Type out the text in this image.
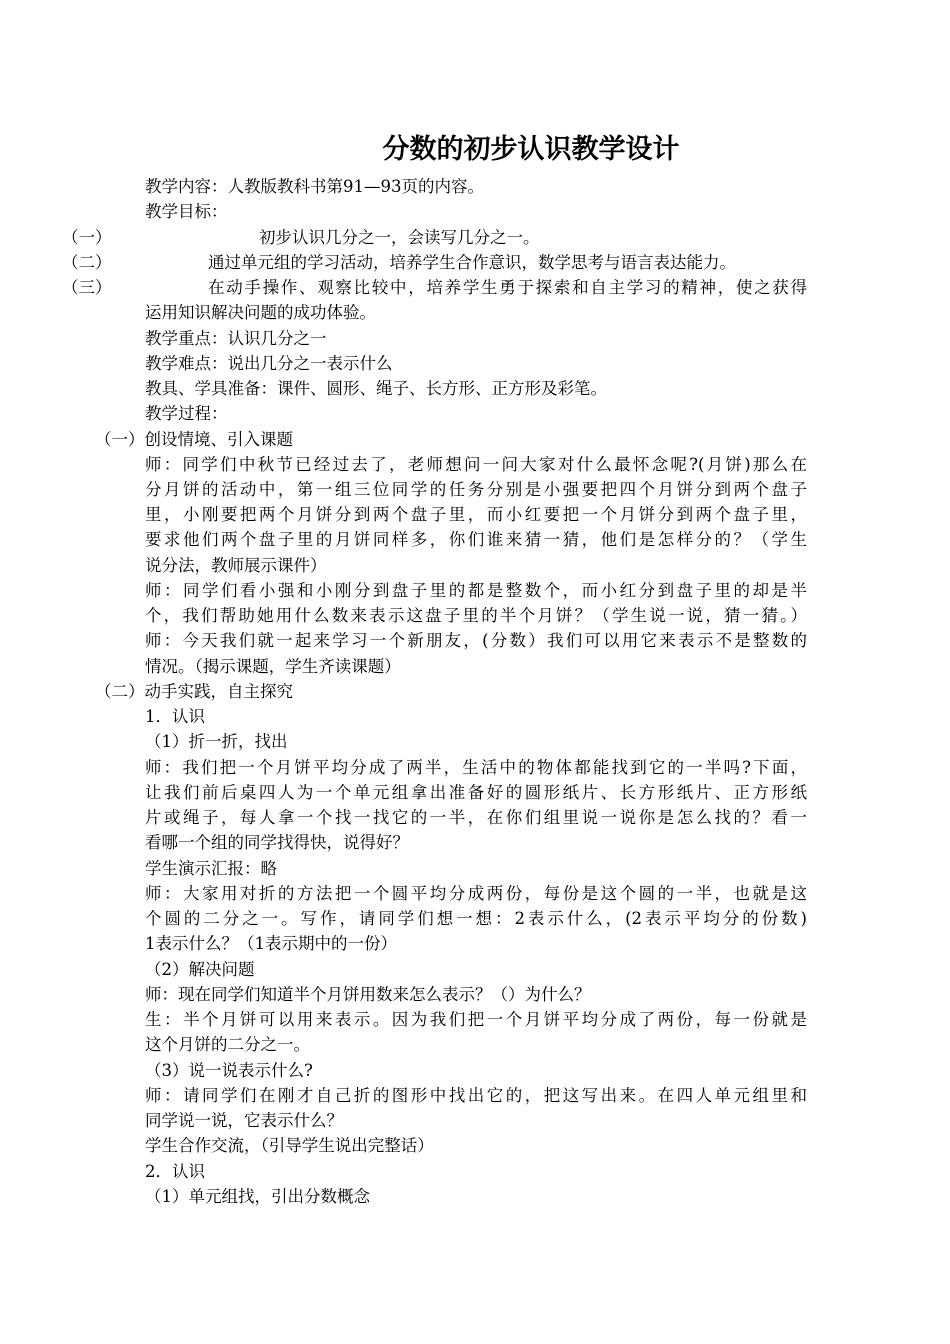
分数的初步认识教学设计
教学内容：人教版教科书第91—93页的内容。
教学目标：
（一）	初步认识几分之一，会读写几分之一。
（二）	通过单元组的学习活动，培养学生合作意识，数学思考与语言表达能力。
（三）	在动手操作、观察比较中，培养学生勇于探索和自主学习的精神，使之获得
运用知识解决问题的成功体验。
教学重点：认识几分之一
教学难点：说出几分之一表示什么
教具、学具准备：课件、圆形、绳子、长方形、正方形及彩笔。
教学过程：
（一）创设情境、引入课题
师：同学们中秋节已经过去了，老师想问一问大家对什么最怀念呢?(月饼)那么在
分月饼的活动中，第一组三位同学的任务分别是小强要把四个月饼分到两个盘子
里，小刚要把两个月饼分到两个盘子里，而小红要把一个月饼分到两个盘子里，
要求他们两个盘子里的月饼同样多，你们谁来猜一猜，他们是怎样分的？（学生
说分法，教师展示课件）
师：同学们看小强和小刚分到盘子里的都是整数个，而小红分到盘子里的却是半
个，我们帮助她用什么数来表示这盘子里的半个月饼？（学生说一说，猜一猜。）
师：今天我们就一起来学习一个新朋友，(分数）我们可以用它来表示不是整数的
情况。（揭示课题，学生齐读课题）
（二）动手实践，自主探究
1．认识
（1）折一折，找出
师：我们把一个月饼平均分成了两半，生活中的物体都能找到它的一半吗?下面，
让我们前后桌四人为一个单元组拿出准备好的圆形纸片、长方形纸片、正方形纸
片或绳子，每人拿一个找一找它的一半，在你们组里说一说你是怎么找的？看一
看哪一个组的同学找得快，说得好？
学生演示汇报：略
师：大家用对折的方法把一个圆平均分成两份，每份是这个圆的一半，也就是这
个圆的二分之一。写作，请同学们想一想：2表示什么，(2表示平均分的份数)
1表示什么？（1表示期中的一份）
（2）解决问题
师：现在同学们知道半个月饼用数来怎么表示？（）为什么？
生：半个月饼可以用来表示。因为我们把一个月饼平均分成了两份，每一份就是
这个月饼的二分之一。
（3）说一说表示什么?
师：请同学们在刚才自己折的图形中找出它的，把这写出来。在四人单元组里和
同学说一说，它表示什么？
学生合作交流，（引导学生说出完整话）
2．认识
（1）单元组找，引出分数概念
